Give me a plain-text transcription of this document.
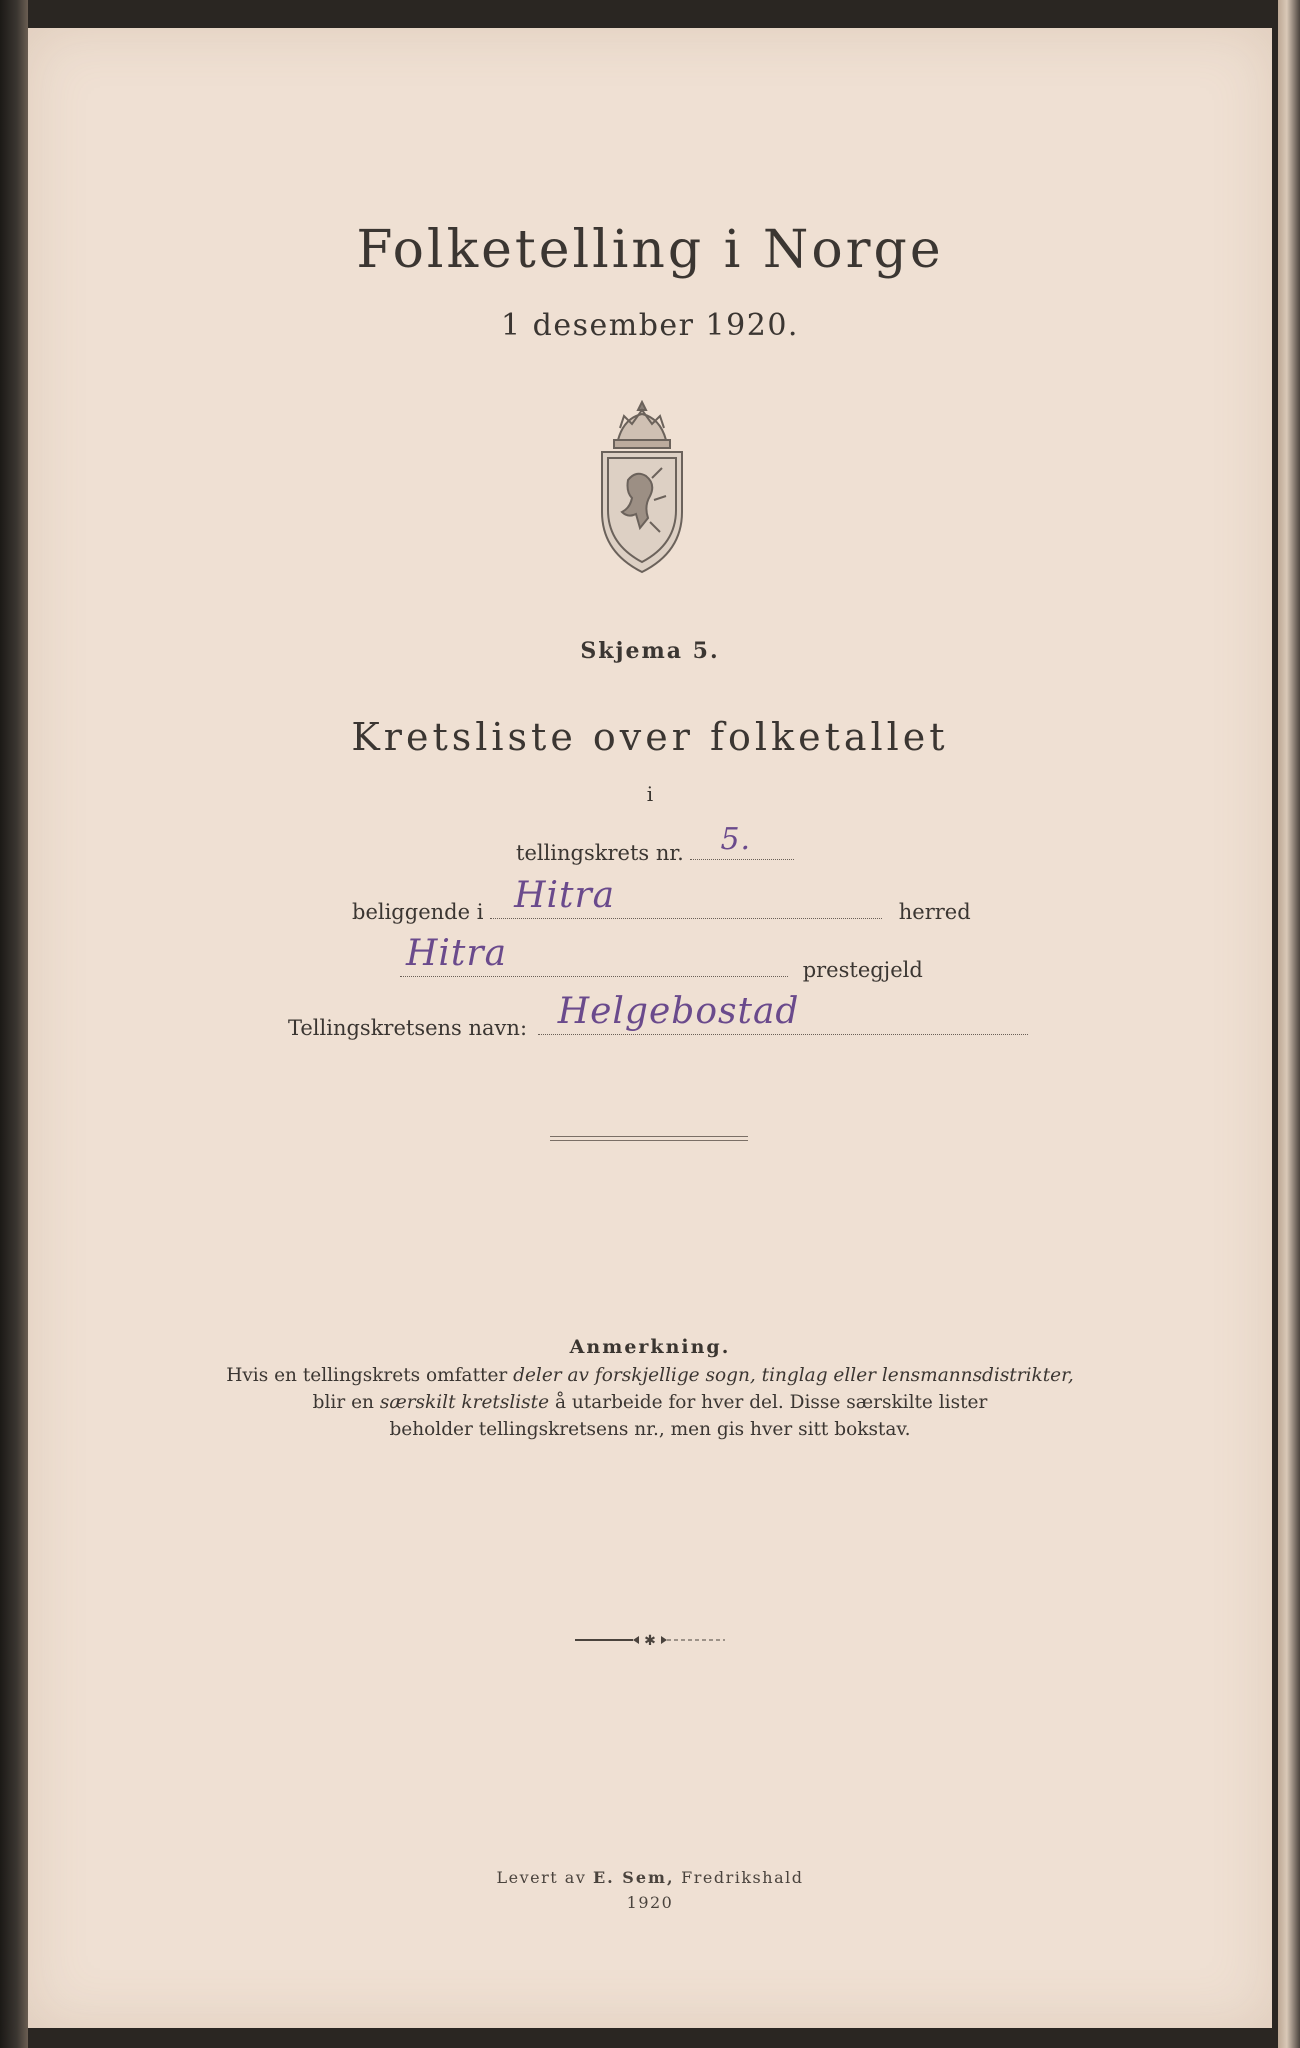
Folketelling i Norge
1 desember 1920.
Skjema 5.
Kretsliste over folketallet
i
tellingskrets nr. 5.
beliggende i Hitra	herred
Hitra	prestegjeld
Tellingskretsens navn: Helgebostad
Anmerkning.
Hvis en tellingskrets omfatter deler av forskjellige sogn, tinglag eller lensmannsdistrikter,
blir en særskilt kretsliste å utarbeide for hver del. Disse særskilte lister
beholder tellingskretsens nr., men gis hver sitt bokstav.
✱
Levert av E. Sem, Fredrikshald
1920
